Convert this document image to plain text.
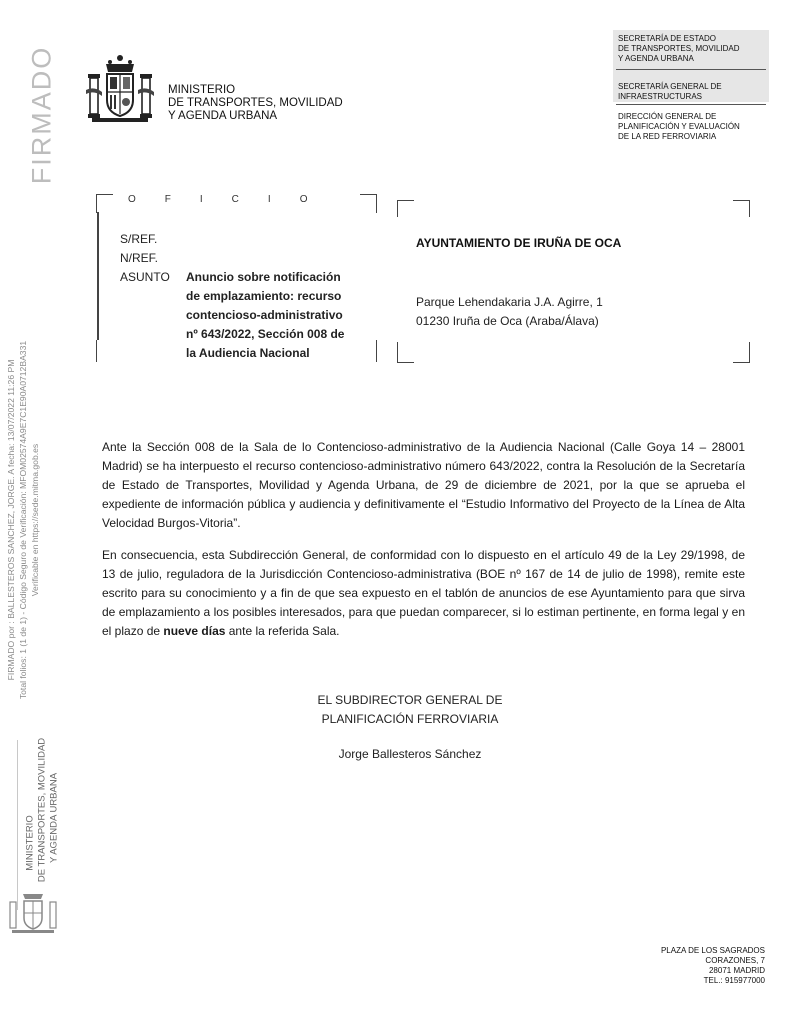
MINISTERIO
DE TRANSPORTES, MOVILIDAD
Y AGENDA URBANA
SECRETARÍA DE ESTADO
DE TRANSPORTES, MOVILIDAD
Y AGENDA URBANA
SECRETARÍA GENERAL DE
INFRAESTRUCTURAS
DIRECCIÓN GENERAL DE
PLANIFICACIÓN Y EVALUACIÓN
DE LA RED FERROVIARIA
FIRMADO
FIRMADO por : BALLESTEROS SANCHEZ, JORGE. A fecha: 13/07/2022 11:26 PM Total folios: 1 (1 de 1) - Código Seguro de Verificación: MFOM02574A9E7C1E90A0712BA331 Verificable en https://sede.mitma.gob.es
MINISTERIO DE TRANSPORTES, MOVILIDAD Y AGENDA URBANA
O	F	I	C	I	O
S/REF.
N/REF.
ASUNTO Anuncio sobre notificación
de emplazamiento: recurso
contencioso-administrativo
nº 643/2022, Sección 008 de
la Audiencia Nacional
AYUNTAMIENTO DE IRUÑA DE OCA
Parque Lehendakaria J.A. Agirre, 1
01230 Iruña de Oca (Araba/Álava)

Ante la Sección 008 de la Sala de lo Contencioso-administrativo de la Audiencia Nacional (Calle Goya 14 – 28001 Madrid) se ha interpuesto el recurso contencioso-administrativo número 643/2022, contra la Resolución de la Secretaría de Estado de Transportes, Movilidad y Agenda Urbana, de 29 de diciembre de 2021, por la que se aprueba el expediente de información pública y audiencia y definitivamente el “Estudio Informativo del Proyecto de la Línea de Alta Velocidad Burgos-Vitoria”.

En consecuencia, esta Subdirección General, de conformidad con lo dispuesto en el artículo 49 de la Ley 29/1998, de 13 de julio, reguladora de la Jurisdicción Contencioso-administrativa (BOE nº 167 de 14 de julio de 1998), remite este escrito para su conocimiento y a fin de que sea expuesto en el tablón de anuncios de ese Ayuntamiento para que sirva de emplazamiento a los posibles interesados, para que puedan comparecer, si lo estiman pertinente, en forma legal y en el plazo de nueve días ante la referida Sala.

EL SUBDIRECTOR GENERAL DE
PLANIFICACIÓN FERROVIARIA
Jorge Ballesteros Sánchez
PLAZA DE LOS SAGRADOS
CORAZONES, 7
28071 MADRID
TEL.: 915977000
